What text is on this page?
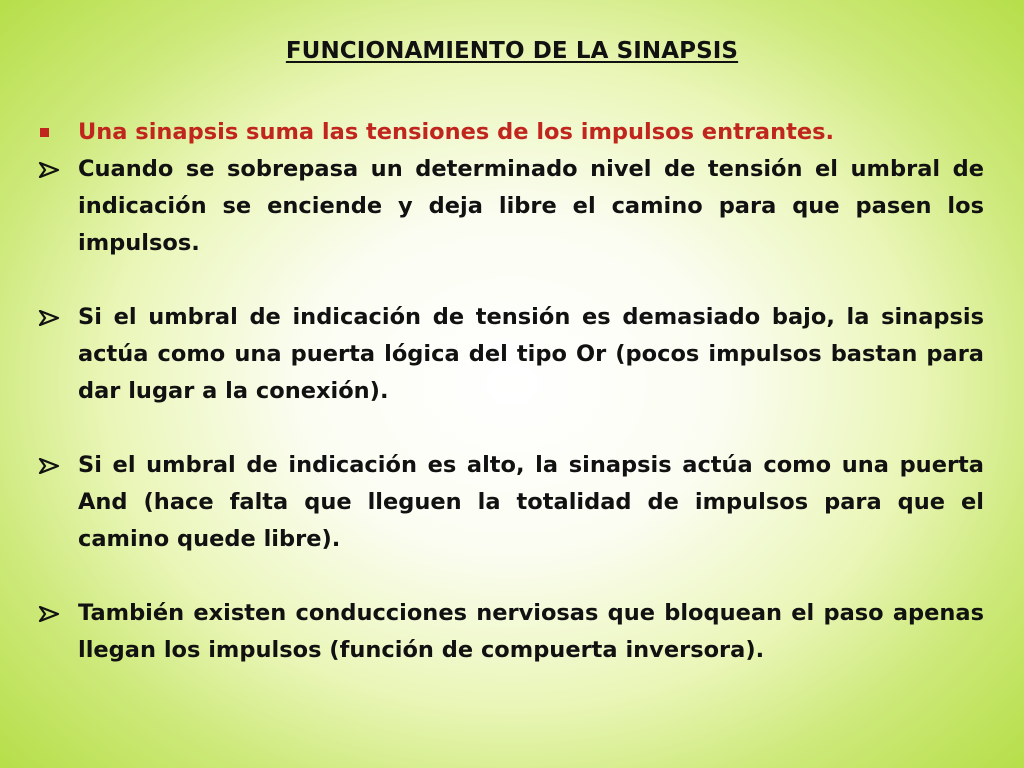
FUNCIONAMIENTO DE LA SINAPSIS
Una sinapsis suma las tensiones de los impulsos entrantes.
Cuando se sobrepasa un determinado nivel de tensión el umbral de indicación se enciende y deja libre el camino para que pasen los impulsos.
Si el umbral de indicación de tensión es demasiado bajo, la sinapsis actúa como una puerta lógica del tipo Or (pocos impulsos bastan para dar lugar a la conexión).
Si el umbral de indicación es alto, la sinapsis actúa como una puerta And (hace falta que lleguen la totalidad de impulsos para que el camino quede libre).
También existen conducciones nerviosas que bloquean el paso apenas llegan los impulsos (función de compuerta inversora).
